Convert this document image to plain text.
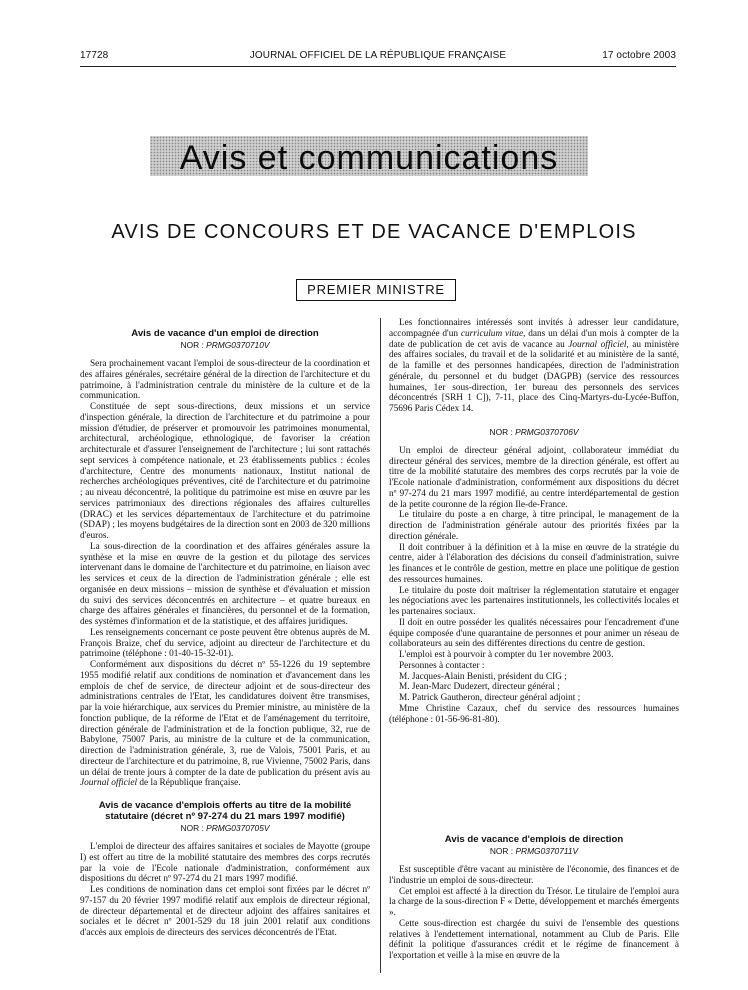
17728	JOURNAL OFFICIEL DE LA RÉPUBLIQUE FRANÇAISE	17 octobre 2003
Avis et communications
AVIS DE CONCOURS ET DE VACANCE D'EMPLOIS
PREMIER MINISTRE

Avis de vacance d'un emploi de direction

NOR : PRMG0370710V

Sera prochainement vacant l'emploi de sous-directeur de la coordination et des affaires générales, secrétaire général de la direction de l'architecture et du patrimoine, à l'administration centrale du ministère de la culture et de la communication.

Constituée de sept sous-directions, deux missions et un service d'inspection générale, la direction de l'architecture et du patrimoine a pour mission d'étudier, de préserver et promouvoir les patrimoines monumental, architectural, archéologique, ethnologique, de favoriser la création architecturale et d'assurer l'enseignement de l'architecture ; lui sont rattachés sept services à compétence nationale, et 23 établissements publics : écoles d'architecture, Centre des monuments nationaux, Institut national de recherches archéologiques préventives, cité de l'architecture et du patrimoine ; au niveau déconcentré, la politique du patrimoine est mise en œuvre par les services patrimoniaux des directions régionales des affaires culturelles (DRAC) et les services départementaux de l'architecture et du patrimoine (SDAP) ; les moyens budgétaires de la direction sont en 2003 de 320 millions d'euros.

La sous-direction de la coordination et des affaires générales assure la synthèse et la mise en œuvre de la gestion et du pilotage des services intervenant dans le domaine de l'architecture et du patrimoine, en liaison avec les services et ceux de la direction de l'administration générale ; elle est organisée en deux missions – mission de synthèse et d'évaluation et mission du suivi des services déconcentrés en architecture – et quatre bureaux en charge des affaires générales et financières, du personnel et de la formation, des systèmes d'information et de la statistique, et des affaires juridiques.

Les renseignements concernant ce poste peuvent être obtenus auprès de M. François Braize, chef du service, adjoint au directeur de l'architecture et du patrimoine (téléphone : 01-40-15-32-01).

Conformément aux dispositions du décret nº 55-1226 du 19 septembre 1955 modifié relatif aux conditions de nomination et d'avancement dans les emplois de chef de service, de directeur adjoint et de sous-directeur des administrations centrales de l'Etat, les candidatures doivent être transmises, par la voie hiérarchique, aux services du Premier ministre, au ministère de la fonction publique, de la réforme de l'Etat et de l'aménagement du territoire, direction générale de l'administration et de la fonction publique, 32, rue de Babylone, 75007 Paris, au ministre de la culture et de la communication, direction de l'administration générale, 3, rue de Valois, 75001 Paris, et au directeur de l'architecture et du patrimoine, 8, rue Vivienne, 75002 Paris, dans un délai de trente jours à compter de la date de publication du présent avis au Journal officiel de la République française.

Avis de vacance d'emplois offerts au titre de la mobilité statutaire (décret nº 97-274 du 21 mars 1997 modifié)

NOR : PRMG0370705V

L'emploi de directeur des affaires sanitaires et sociales de Mayotte (groupe I) est offert au titre de la mobilité statutaire des membres des corps recrutés par la voie de l'Ecole nationale d'administration, conformément aux dispositions du décret nº 97-274 du 21 mars 1997 modifié.

Les conditions de nomination dans cet emploi sont fixées par le décret nº 97-157 du 20 février 1997 modifié relatif aux emplois de directeur régional, de directeur départemental et de directeur adjoint des affaires sanitaires et sociales et le décret nº 2001-529 du 18 juin 2001 relatif aux conditions d'accès aux emplois de directeurs des services déconcentrés de l'Etat.

Les fonctionnaires intéressés sont invités à adresser leur candidature, accompagnée d'un curriculum vitae, dans un délai d'un mois à compter de la date de publication de cet avis de vacance au Journal officiel, au ministère des affaires sociales, du travail et de la solidarité et au ministère de la santé, de la famille et des personnes handicapées, direction de l'administration générale, du personnel et du budget (DAGPB) (service des ressources humaines, 1er sous-direction, 1er bureau des personnels des services déconcentrés [SRH 1 C]), 7-11, place des Cinq-Martyrs-du-Lycée-Buffon, 75696 Paris Cédex 14.

NOR : PRMG0370706V

Un emploi de directeur général adjoint, collaborateur immédiat du directeur général des services, membre de la direction générale, est offert au titre de la mobilité statutaire des membres des corps recrutés par la voie de l'Ecole nationale d'administration, conformément aux dispositions du décret nº 97-274 du 21 mars 1997 modifié, au centre interdépartemental de gestion de la petite couronne de la région Ile-de-France.

Le titulaire du poste a en charge, à titre principal, le management de la direction de l'administration générale autour des priorités fixées par la direction générale.

Il doit contribuer à la définition et à la mise en œuvre de la stratégie du centre, aider à l'élaboration des décisions du conseil d'administration, suivre les finances et le contrôle de gestion, mettre en place une politique de gestion des ressources humaines.

Le titulaire du poste doit maîtriser la réglementation statutaire et engager les négociations avec les partenaires institutionnels, les collectivités locales et les partenaires sociaux.

Il doit en outre posséder les qualités nécessaires pour l'encadrement d'une équipe composée d'une quarantaine de personnes et pour animer un réseau de collaborateurs au sein des différentes directions du centre de gestion.

L'emploi est à pourvoir à compter du 1er novembre 2003.

Personnes à contacter :

M. Jacques-Alain Benisti, président du CIG ;

M. Jean-Marc Dudezert, directeur général ;

M. Patrick Gautheron, directeur général adjoint ;

Mme Christine Cazaux, chef du service des ressources humaines (téléphone : 01-56-96-81-80).

Avis de vacance d'emplois de direction

NOR : PRMG0370711V

Est susceptible d'être vacant au ministère de l'économie, des finances et de l'industrie un emploi de sous-directeur.

Cet emploi est affecté à la direction du Trésor. Le titulaire de l'emploi aura la charge de la sous-direction F « Dette, développement et marchés émergents ».

Cette sous-direction est chargée du suivi de l'ensemble des questions relatives à l'endettement international, notamment au Club de Paris. Elle définit la politique d'assurances crédit et le régime de financement à l'exportation et veille à la mise en œuvre de la
